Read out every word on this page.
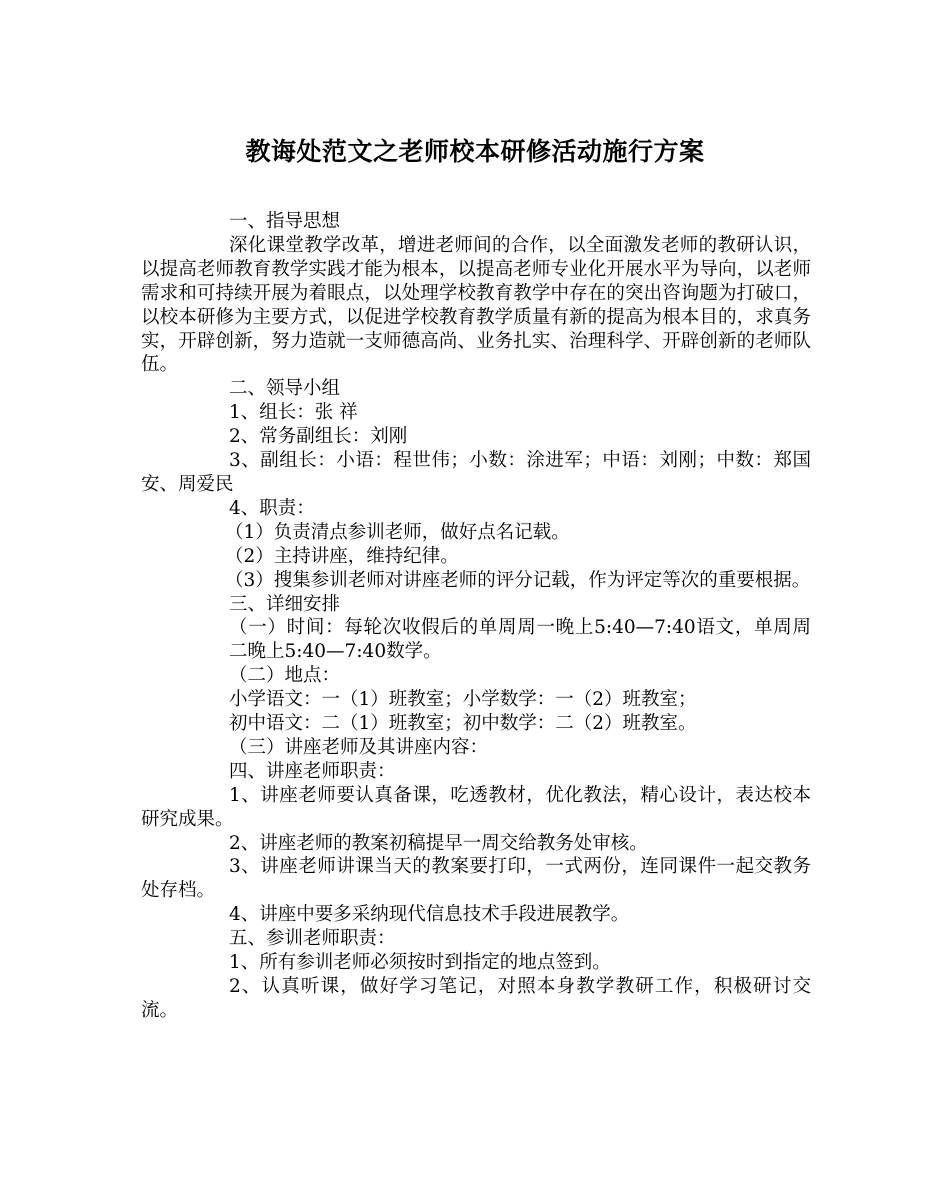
教诲处范文之老师校本研修活动施行方案

一、指导思想

深化课堂教学改革，增进老师间的合作，以全面激发老师的教研认识，以提高老师教育教学实践才能为根本，以提高老师专业化开展水平为导向，以老师需求和可持续开展为着眼点，以处理学校教育教学中存在的突出咨询题为打破口，以校本研修为主要方式，以促进学校教育教学质量有新的提高为根本目的，求真务实，开辟创新，努力造就一支师德高尚、业务扎实、治理科学、开辟创新的老师队伍。

二、领导小组

1、组长：张 祥

2、常务副组长：刘刚

3、副组长：小语：程世伟；小数：涂进军；中语：刘刚；中数：郑国安、周爱民

4、职责：

（1）负责清点参训老师，做好点名记载。

（2）主持讲座，维持纪律。

（3）搜集参训老师对讲座老师的评分记载，作为评定等次的重要根据。

三、详细安排

（一）时间：每轮次收假后的单周周一晚上5:40—7:40语文，单周周二晚上5:40—7:40数学。

（二）地点：

小学语文：一（1）班教室；小学数学：一（2）班教室；

初中语文：二（1）班教室；初中数学：二（2）班教室。

（三）讲座老师及其讲座内容：

四、讲座老师职责：

1、讲座老师要认真备课，吃透教材，优化教法，精心设计，表达校本研究成果。

2、讲座老师的教案初稿提早一周交给教务处审核。

3、讲座老师讲课当天的教案要打印，一式两份，连同课件一起交教务处存档。

4、讲座中要多采纳现代信息技术手段进展教学。

五、参训老师职责：

1、所有参训老师必须按时到指定的地点签到。

2、认真听课，做好学习笔记，对照本身教学教研工作，积极研讨交流。
